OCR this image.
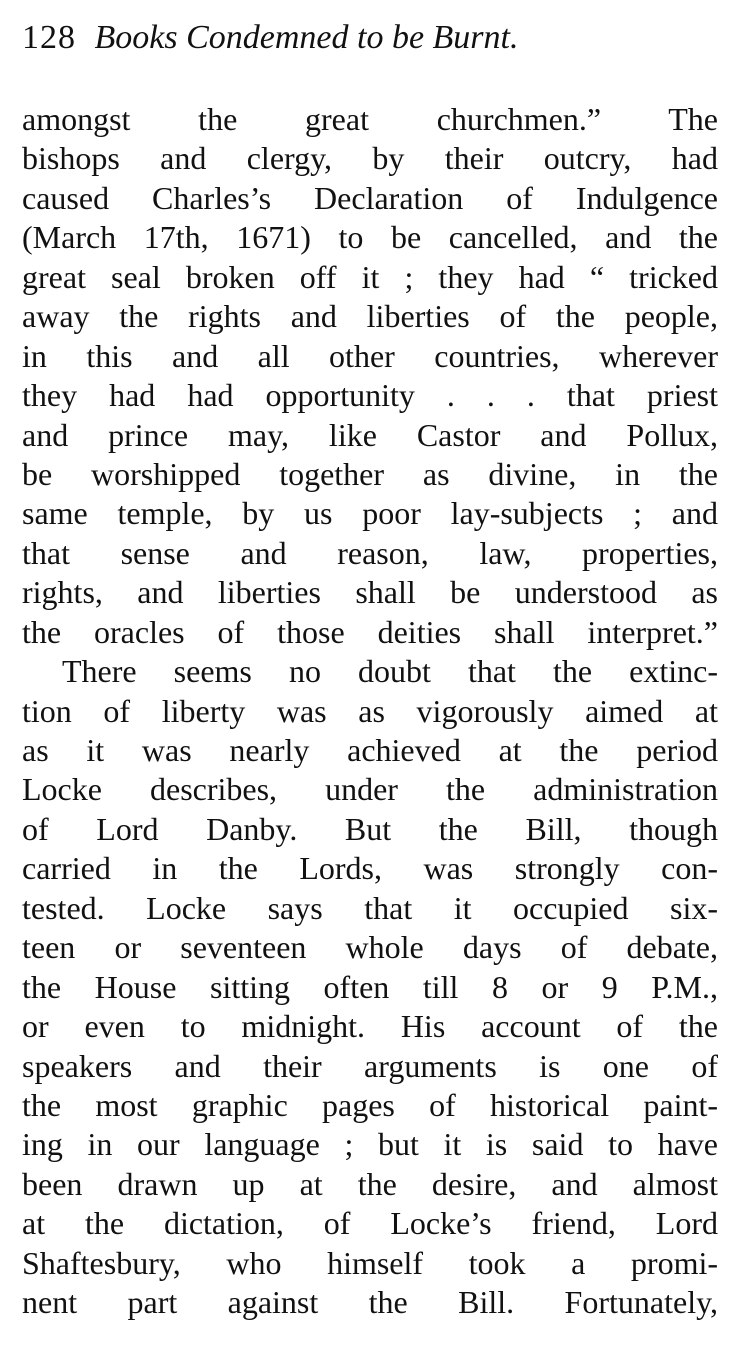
128 Books Condemned to be Burnt.
amongst the great churchmen.” The
bishops and clergy, by their outcry, had
caused Charles’s Declaration of Indulgence
(March 17th, 1671) to be cancelled, and the
great seal broken off it ; they had “ tricked
away the rights and liberties of the people,
in this and all other countries, wherever
they had had opportunity . . . that priest
and prince may, like Castor and Pollux,
be worshipped together as divine, in the
same temple, by us poor lay-subjects ; and
that sense and reason, law, properties,
rights, and liberties shall be understood as
the oracles of those deities shall interpret.”
There seems no doubt that the extinc-
tion of liberty was as vigorously aimed at
as it was nearly achieved at the period
Locke describes, under the administration
of Lord Danby. But the Bill, though
carried in the Lords, was strongly con-
tested. Locke says that it occupied six-
teen or seventeen whole days of debate,
the House sitting often till 8 or 9 P.M.,
or even to midnight. His account of the
speakers and their arguments is one of
the most graphic pages of historical paint-
ing in our language ; but it is said to have
been drawn up at the desire, and almost
at the dictation, of Locke’s friend, Lord
Shaftesbury, who himself took a promi-
nent part against the Bill. Fortunately,
